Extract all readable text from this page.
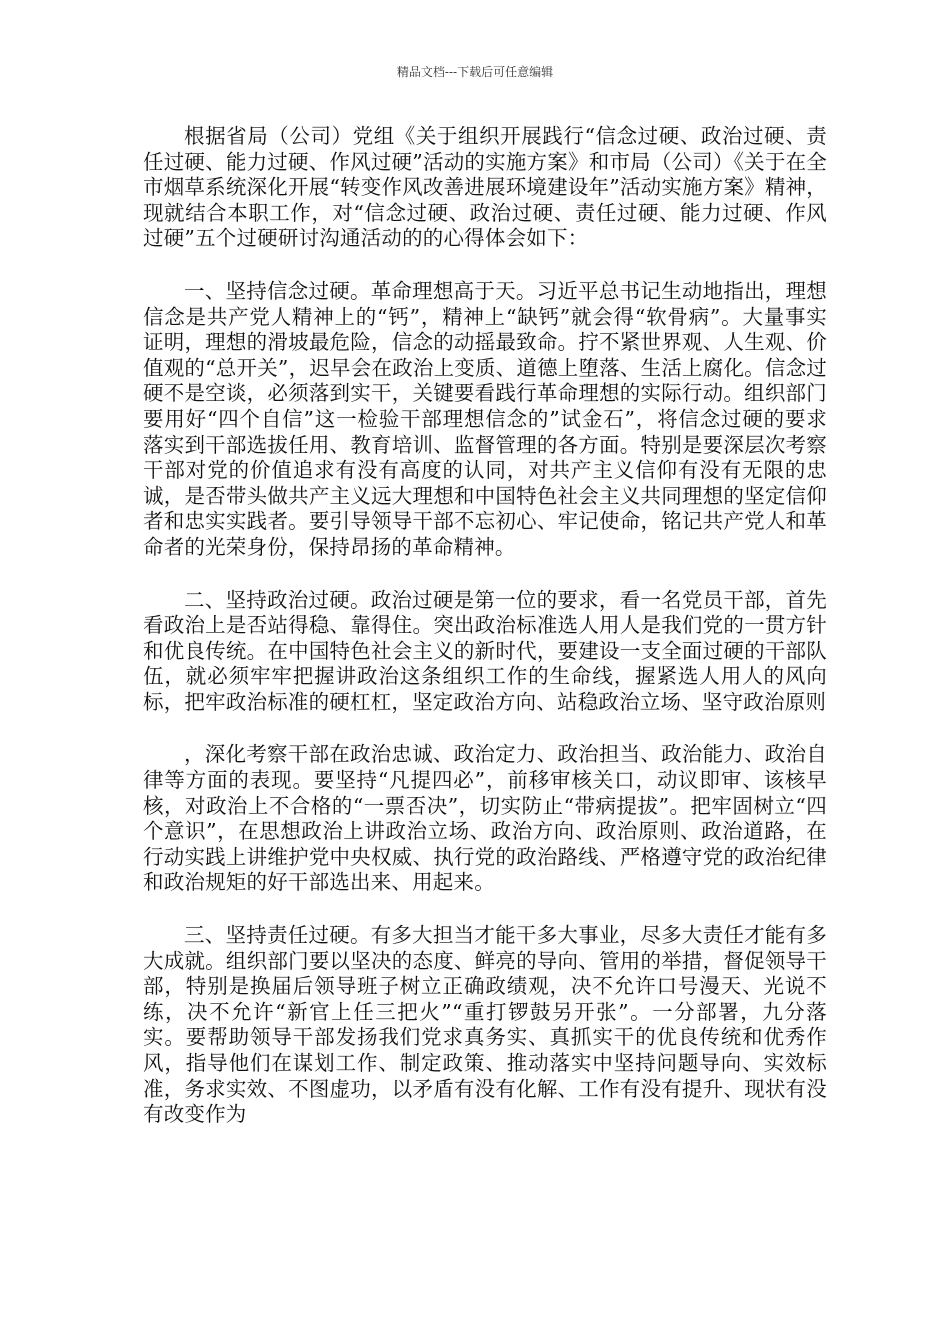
精品文档---下载后可任意编辑

根据省局（公司）党组《关于组织开展践行“信念过硬、政治过硬、责任过硬、能力过硬、作风过硬”活动的实施方案》和市局（公司）《关于在全市烟草系统深化开展“转变作风改善进展环境建设年”活动实施方案》精神，现就结合本职工作，对“信念过硬、政治过硬、责任过硬、能力过硬、作风过硬”五个过硬研讨沟通活动的的心得体会如下：

一、坚持信念过硬。革命理想高于天。习近平总书记生动地指出，理想信念是共产党人精神上的“钙”，精神上“缺钙”就会得“软骨病”。大量事实证明，理想的滑坡最危险，信念的动摇最致命。拧不紧世界观、人生观、价值观的“总开关”，迟早会在政治上变质、道德上堕落、生活上腐化。信念过硬不是空谈，必须落到实干，关键要看践行革命理想的实际行动。组织部门要用好“四个自信”这一检验干部理想信念的”试金石”，将信念过硬的要求落实到干部选拔任用、教育培训、监督管理的各方面。特别是要深层次考察干部对党的价值追求有没有高度的认同，对共产主义信仰有没有无限的忠诚，是否带头做共产主义远大理想和中国特色社会主义共同理想的坚定信仰者和忠实实践者。要引导领导干部不忘初心、牢记使命，铭记共产党人和革命者的光荣身份，保持昂扬的革命精神。

二、坚持政治过硬。政治过硬是第一位的要求，看一名党员干部，首先看政治上是否站得稳、靠得住。突出政治标准选人用人是我们党的一贯方针和优良传统。在中国特色社会主义的新时代，要建设一支全面过硬的干部队伍，就必须牢牢把握讲政治这条组织工作的生命线，握紧选人用人的风向标，把牢政治标准的硬杠杠，坚定政治方向、站稳政治立场、坚守政治原则

，深化考察干部在政治忠诚、政治定力、政治担当、政治能力、政治自律等方面的表现。要坚持“凡提四必”，前移审核关口，动议即审、该核早核，对政治上不合格的“一票否决”，切实防止“带病提拔”。把牢固树立“四个意识”，在思想政治上讲政治立场、政治方向、政治原则、政治道路，在行动实践上讲维护党中央权威、执行党的政治路线、严格遵守党的政治纪律和政治规矩的好干部选出来、用起来。

三、坚持责任过硬。有多大担当才能干多大事业，尽多大责任才能有多大成就。组织部门要以坚决的态度、鲜亮的导向、管用的举措，督促领导干部，特别是换届后领导班子树立正确政绩观，决不允许口号漫天、光说不练，决不允许“新官上任三把火”“重打锣鼓另开张”。一分部署，九分落实。要帮助领导干部发扬我们党求真务实、真抓实干的优良传统和优秀作风，指导他们在谋划工作、制定政策、推动落实中坚持问题导向、实效标准，务求实效、不图虚功，以矛盾有没有化解、工作有没有提升、现状有没有改变作为
